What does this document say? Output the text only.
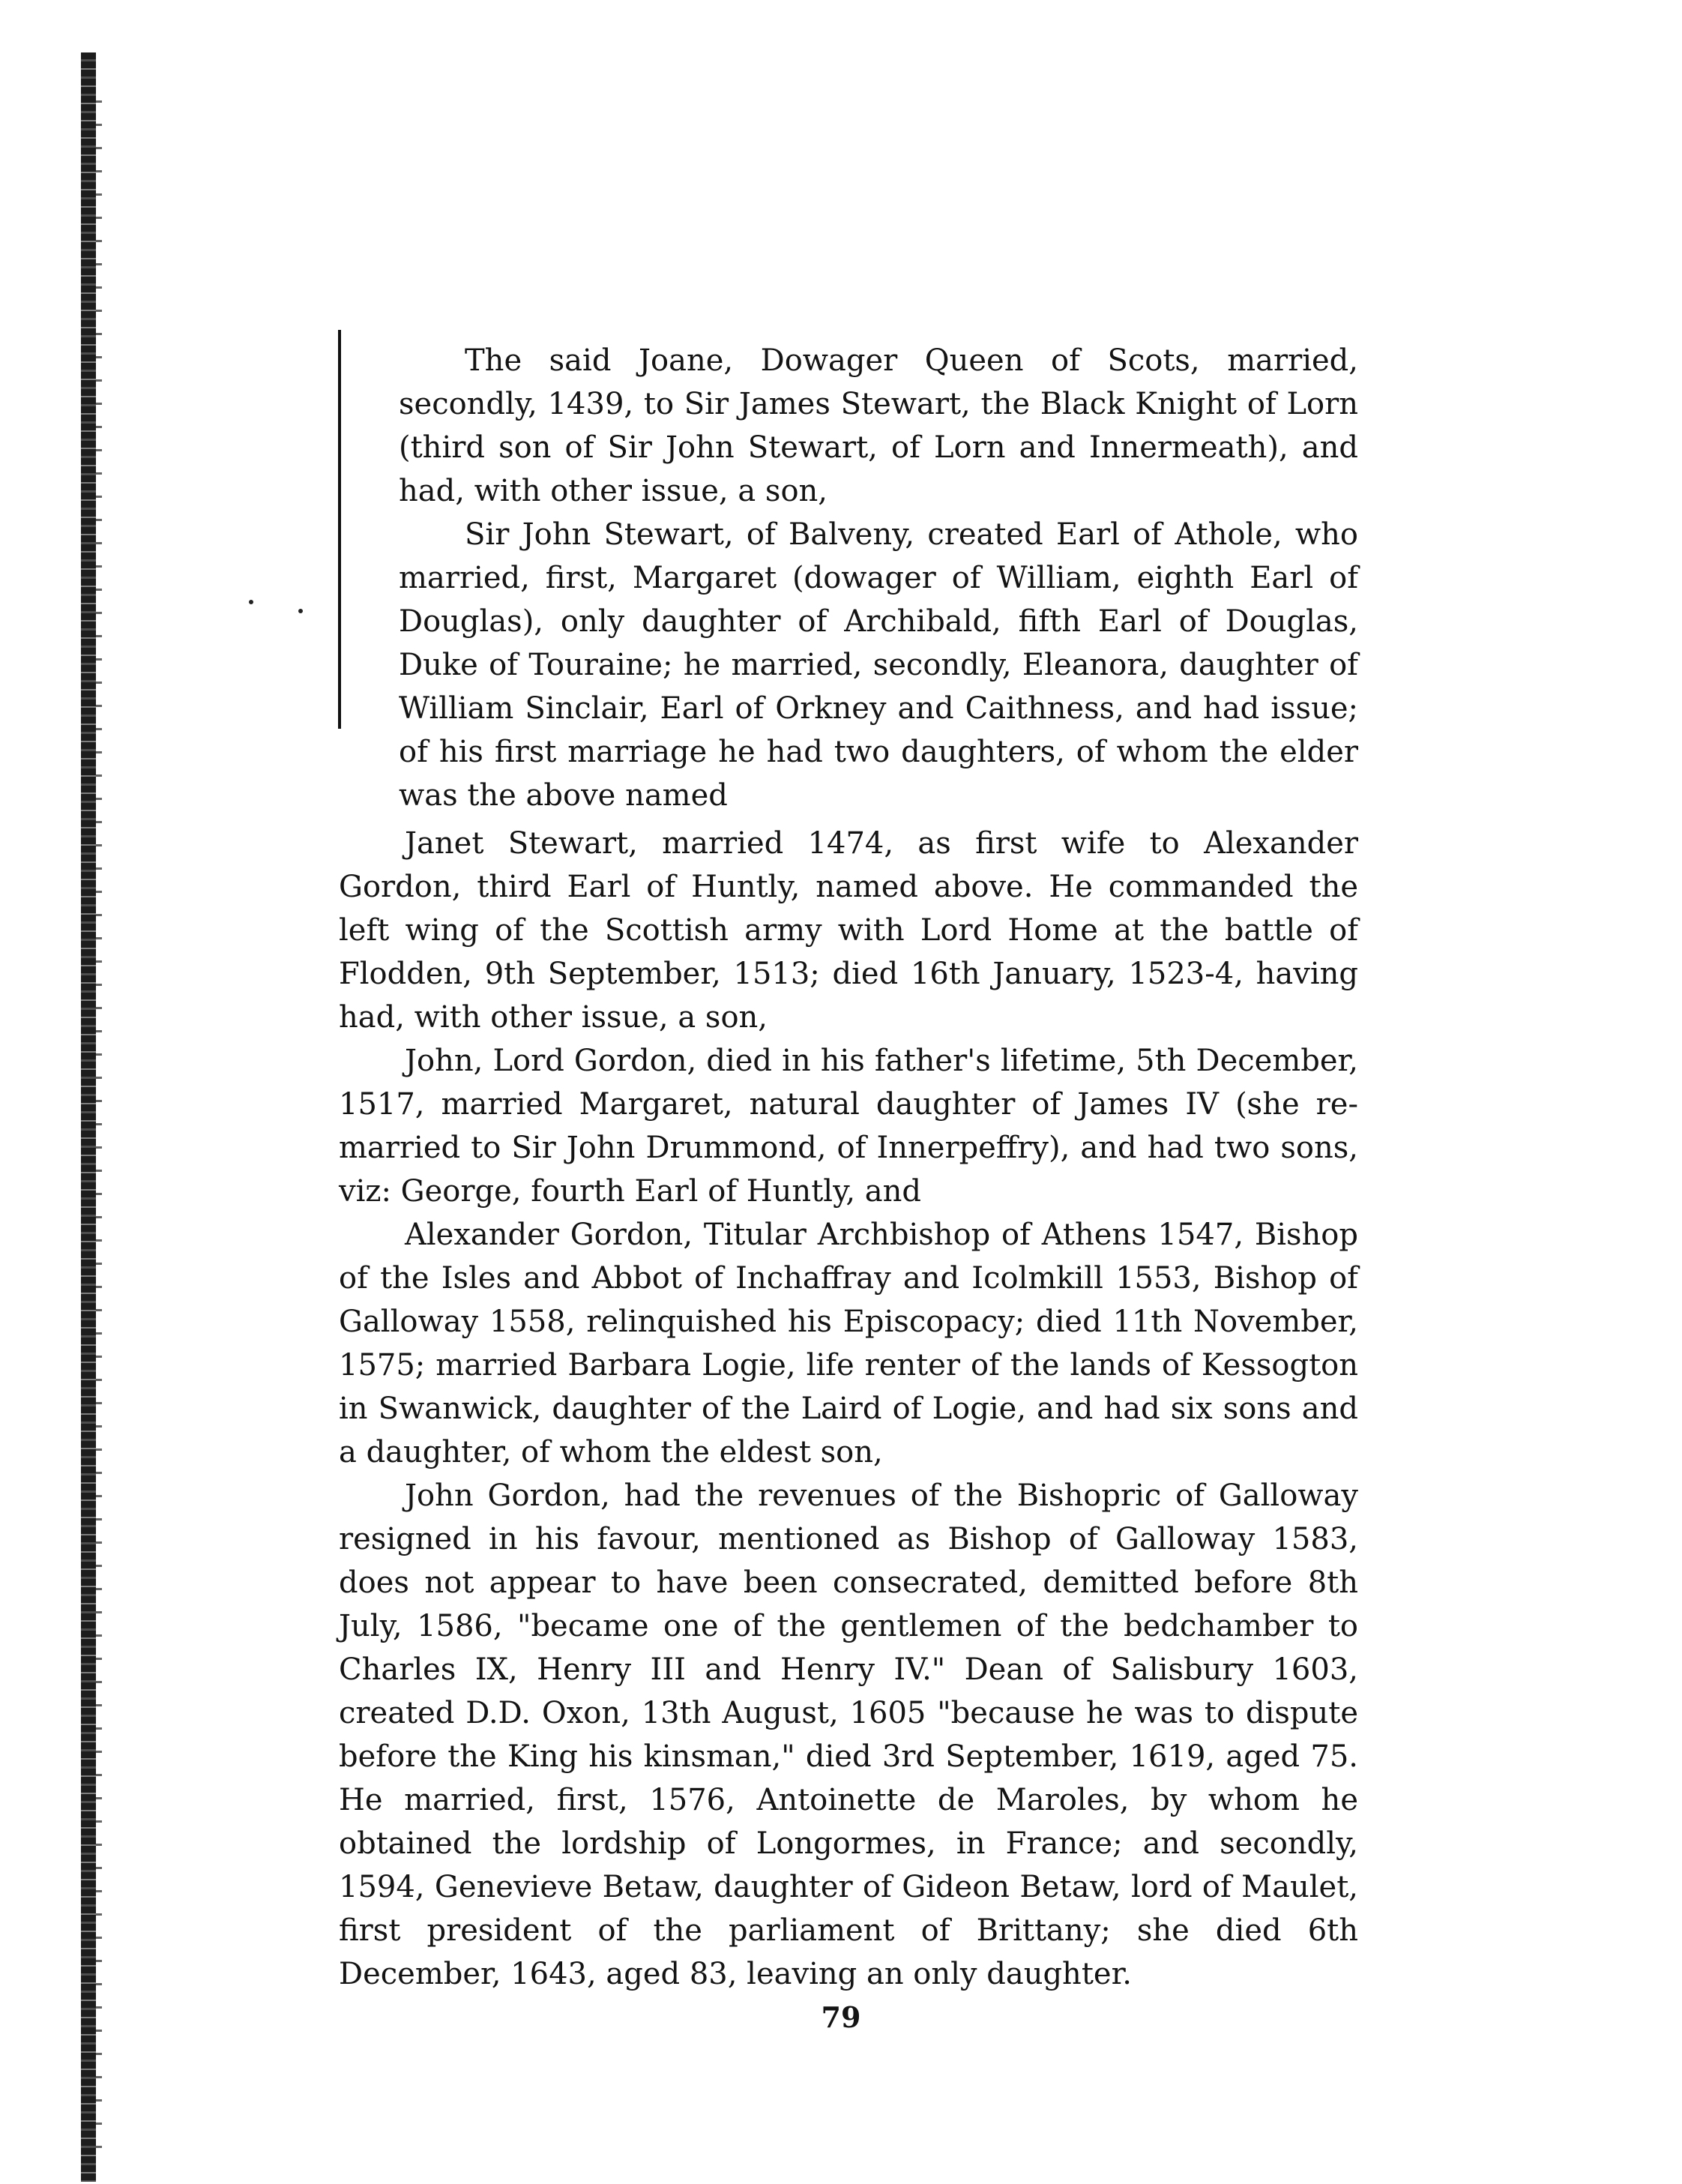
The said Joane, Dowager Queen of Scots, married, secondly, 1439, to Sir James Stewart, the Black Knight of Lorn (third son of Sir John Stewart, of Lorn and Innermeath), and had, with other issue, a son,

Sir John Stewart, of Balveny, created Earl of Athole, who married, first, Margaret (dowager of William, eighth Earl of Douglas), only daughter of Archibald, fifth Earl of Douglas, Duke of Touraine; he married, secondly, Eleanora, daughter of William Sinclair, Earl of Orkney and Caithness, and had issue; of his first marriage he had two daughters, of whom the elder was the above named

Janet Stewart, married 1474, as first wife to Alexander Gordon, third Earl of Huntly, named above. He commanded the left wing of the Scottish army with Lord Home at the battle of Flodden, 9th September, 1513; died 16th January, 1523-4, having had, with other issue, a son,

John, Lord Gordon, died in his father's lifetime, 5th December, 1517, married Margaret, natural daughter of James IV (she re-married to Sir John Drummond, of Innerpeffry), and had two sons, viz: George, fourth Earl of Huntly, and

Alexander Gordon, Titular Archbishop of Athens 1547, Bishop of the Isles and Abbot of Inchaffray and Icolmkill 1553, Bishop of Galloway 1558, relinquished his Episcopacy; died 11th November, 1575; married Barbara Logie, life renter of the lands of Kessogton in Swanwick, daughter of the Laird of Logie, and had six sons and a daughter, of whom the eldest son,

John Gordon, had the revenues of the Bishopric of Galloway resigned in his favour, mentioned as Bishop of Galloway 1583, does not appear to have been consecrated, demitted before 8th July, 1586, "became one of the gentlemen of the bedchamber to Charles IX, Henry III and Henry IV." Dean of Salisbury 1603, created D.D. Oxon, 13th August, 1605 "because he was to dispute before the King his kinsman," died 3rd September, 1619, aged 75. He married, first, 1576, Antoinette de Maroles, by whom he obtained the lordship of Longormes, in France; and secondly, 1594, Genevieve Betaw, daughter of Gideon Betaw, lord of Maulet, first president of the parliament of Brittany; she died 6th December, 1643, aged 83, leaving an only daughter.

79
